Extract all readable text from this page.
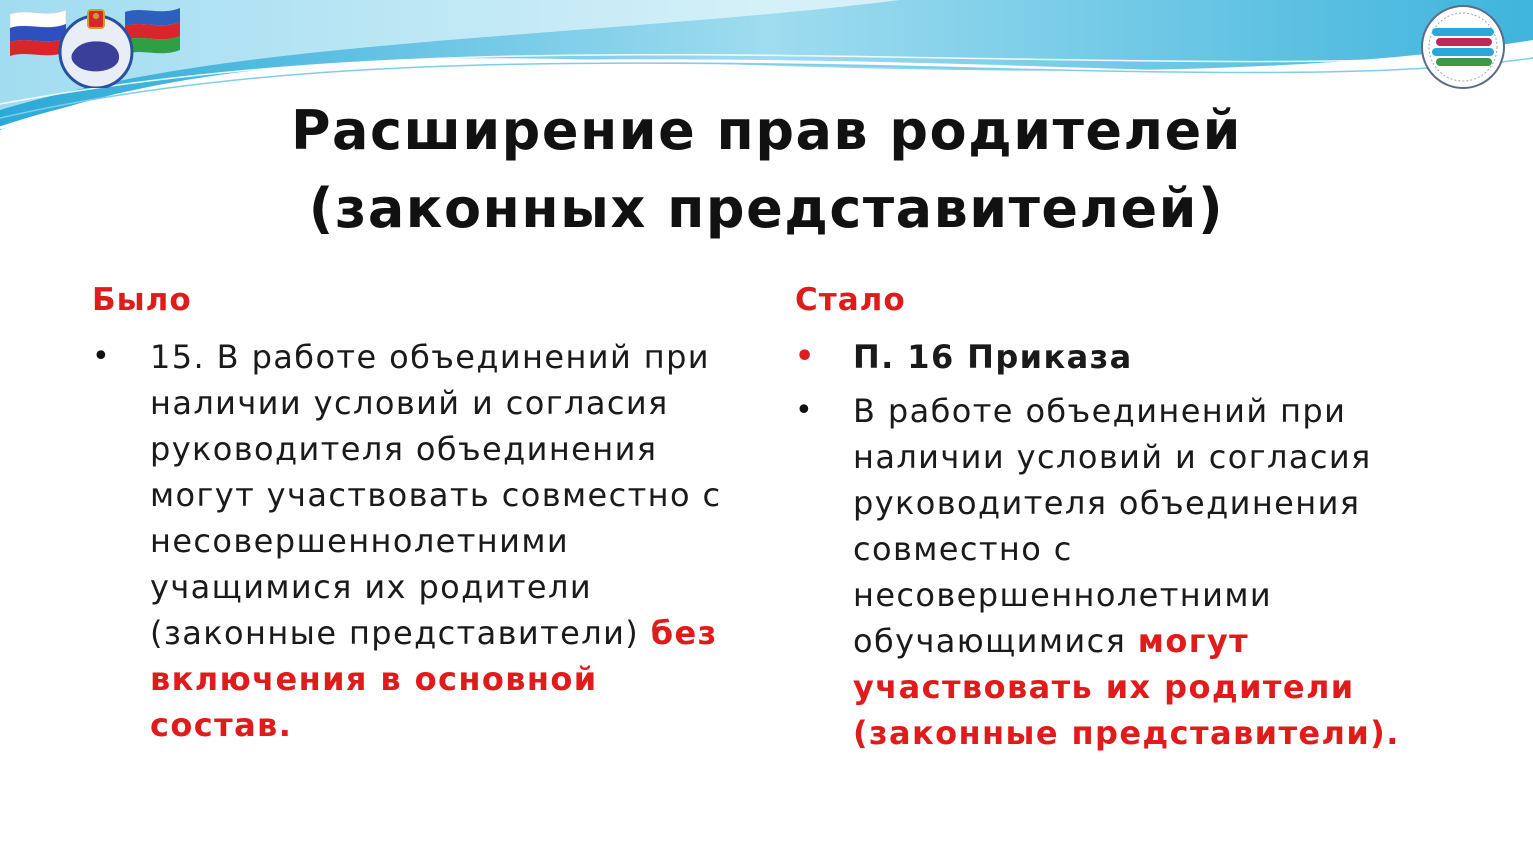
Расширение прав родителей
(законных представителей)
Было
• 15. В работе объединений при наличии условий и согласия руководителя объединения могут участвовать совместно с несовершеннолетними учащимися их родители (законные представители) без включения в основной состав.
Стало
• П. 16 Приказа
• В работе объединений при наличии условий и согласия руководителя объединения совместно с несовершеннолетними обучающимися могут участвовать их родители (законные представители).
